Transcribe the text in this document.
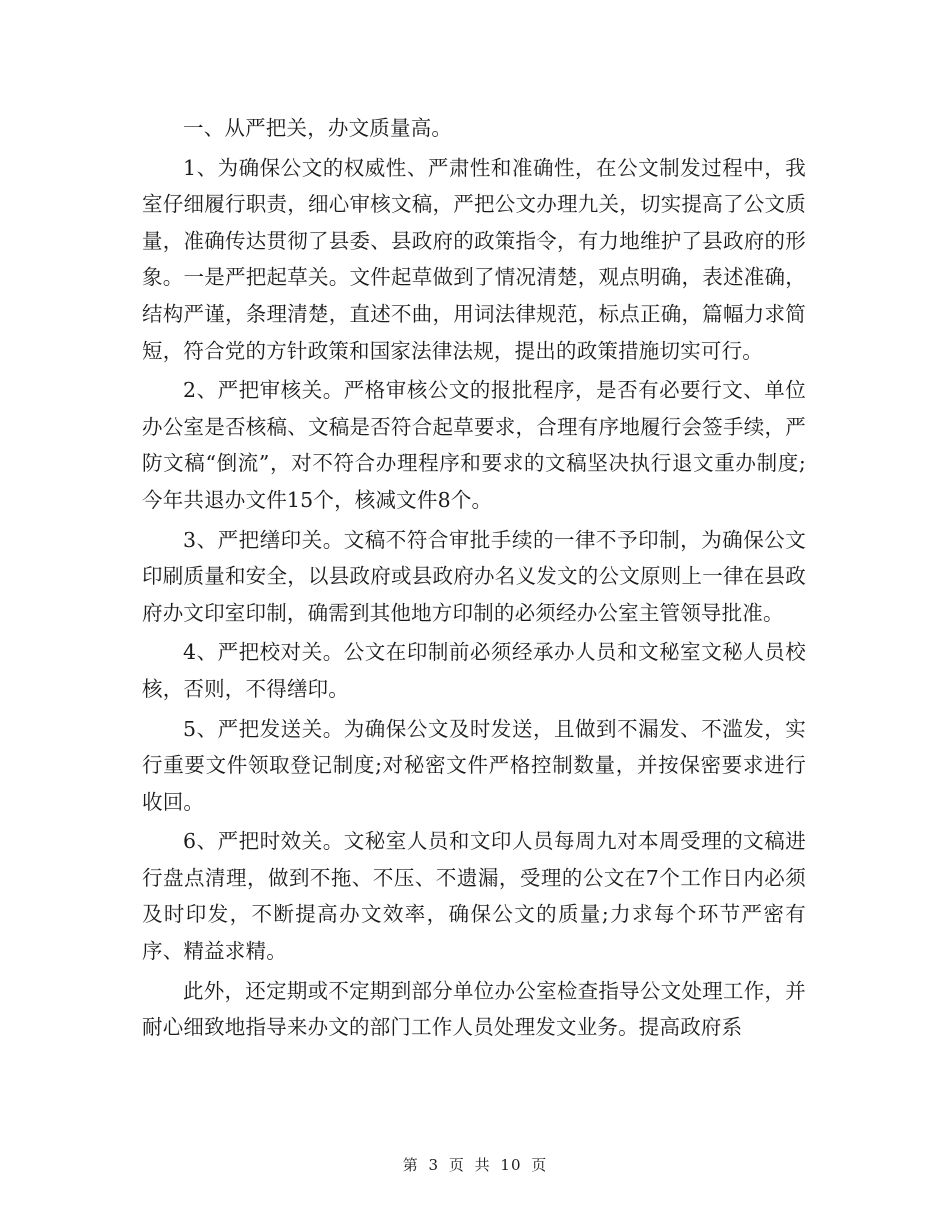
一、从严把关，办文质量高。

1、为确保公文的权威性、严肃性和准确性，在公文制发过程中，我室仔细履行职责，细心审核文稿，严把公文办理九关，切实提高了公文质量，准确传达贯彻了县委、县政府的政策指令，有力地维护了县政府的形象。一是严把起草关。文件起草做到了情况清楚，观点明确，表述准确，结构严谨，条理清楚，直述不曲，用词法律规范，标点正确，篇幅力求简短，符合党的方针政策和国家法律法规，提出的政策措施切实可行。

2、严把审核关。严格审核公文的报批程序，是否有必要行文、单位办公室是否核稿、文稿是否符合起草要求，合理有序地履行会签手续，严防文稿“倒流”，对不符合办理程序和要求的文稿坚决执行退文重办制度;今年共退办文件15个，核减文件8个。

3、严把缮印关。文稿不符合审批手续的一律不予印制，为确保公文印刷质量和安全，以县政府或县政府办名义发文的公文原则上一律在县政府办文印室印制，确需到其他地方印制的必须经办公室主管领导批准。

4、严把校对关。公文在印制前必须经承办人员和文秘室文秘人员校核，否则，不得缮印。

5、严把发送关。为确保公文及时发送，且做到不漏发、不滥发，实行重要文件领取登记制度;对秘密文件严格控制数量，并按保密要求进行收回。

6、严把时效关。文秘室人员和文印人员每周九对本周受理的文稿进行盘点清理，做到不拖、不压、不遗漏，受理的公文在7个工作日内必须及时印发，不断提高办文效率，确保公文的质量;力求每个环节严密有序、精益求精。

此外，还定期或不定期到部分单位办公室检查指导公文处理工作，并耐心细致地指导来办文的部门工作人员处理发文业务。提高政府系

第 3 页 共 10 页
